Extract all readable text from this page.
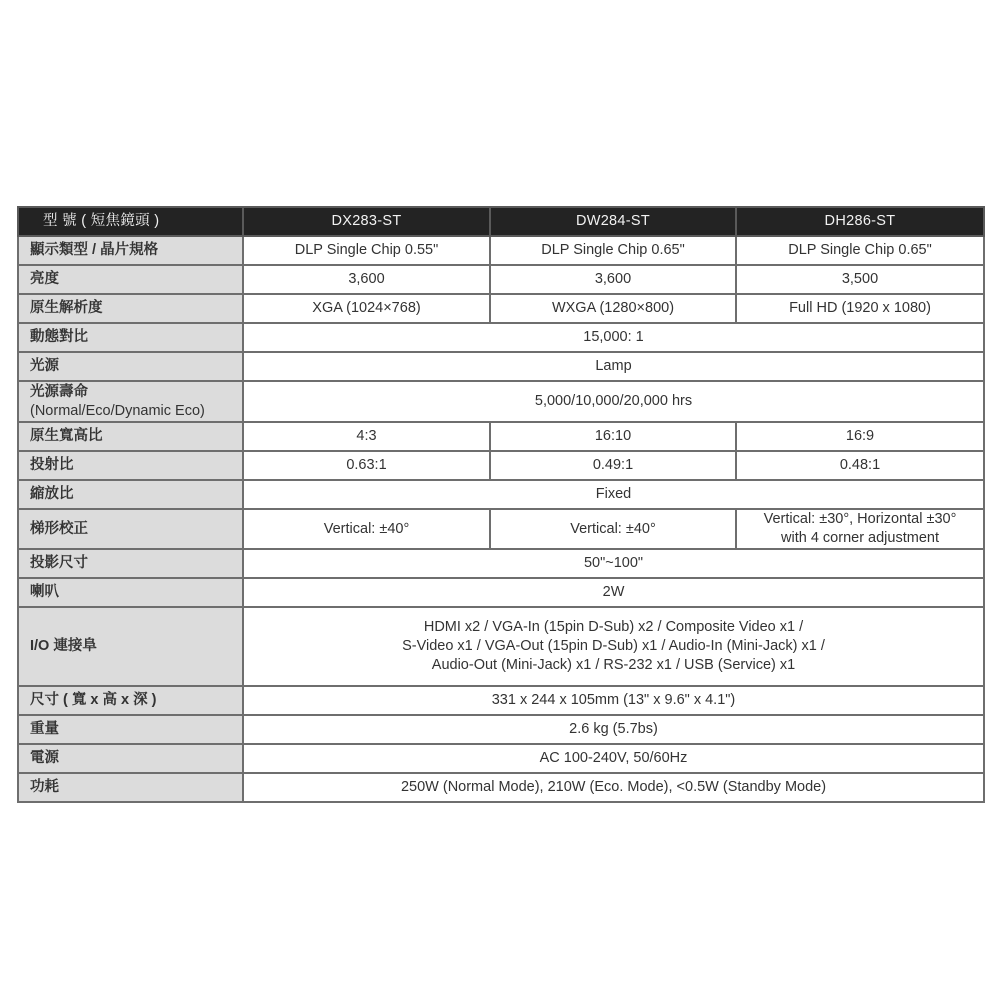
型 號 ( 短焦鏡頭 )	DX283-ST	DW284-ST	DH286-ST
顯示類型 / 晶片規格	DLP Single Chip 0.55"	DLP Single Chip 0.65"	DLP Single Chip 0.65"
亮度	3,600	3,600	3,500
原生解析度	XGA (1024×768)	WXGA (1280×800)	Full HD (1920 x 1080)
動態對比	15,000: 1		
光源	Lamp		

光源壽命
(Normal/Eco/Dynamic Eco)	5,000/10,000/20,000 hrs		
原生寬高比	4:3	16:10	16:9
投射比	0.63:1	0.49:1	0.48:1
縮放比	Fixed		
梯形校正	Vertical: ±40°	Vertical: ±40°	Vertical: ±30°, Horizontal ±30°
with 4 corner adjustment

投影尺寸	50"~100"		
喇叭	2W		
I/O 連接阜	HDMI x2 / VGA-In (15pin D-Sub) x2 / Composite Video x1 /
S-Video x1 / VGA-Out (15pin D-Sub) x1 / Audio-In (Mini-Jack) x1 /
Audio-Out (Mini-Jack) x1 / RS-232 x1 / USB (Service) x1		

尺寸 ( 寬 x 高 x 深 )	331 x 244 x 105mm (13" x 9.6" x 4.1")		
重量	2.6 kg (5.7bs)		
電源	AC 100-240V, 50/60Hz		
功耗	250W (Normal Mode), 210W (Eco. Mode), <0.5W (Standby Mode)		
